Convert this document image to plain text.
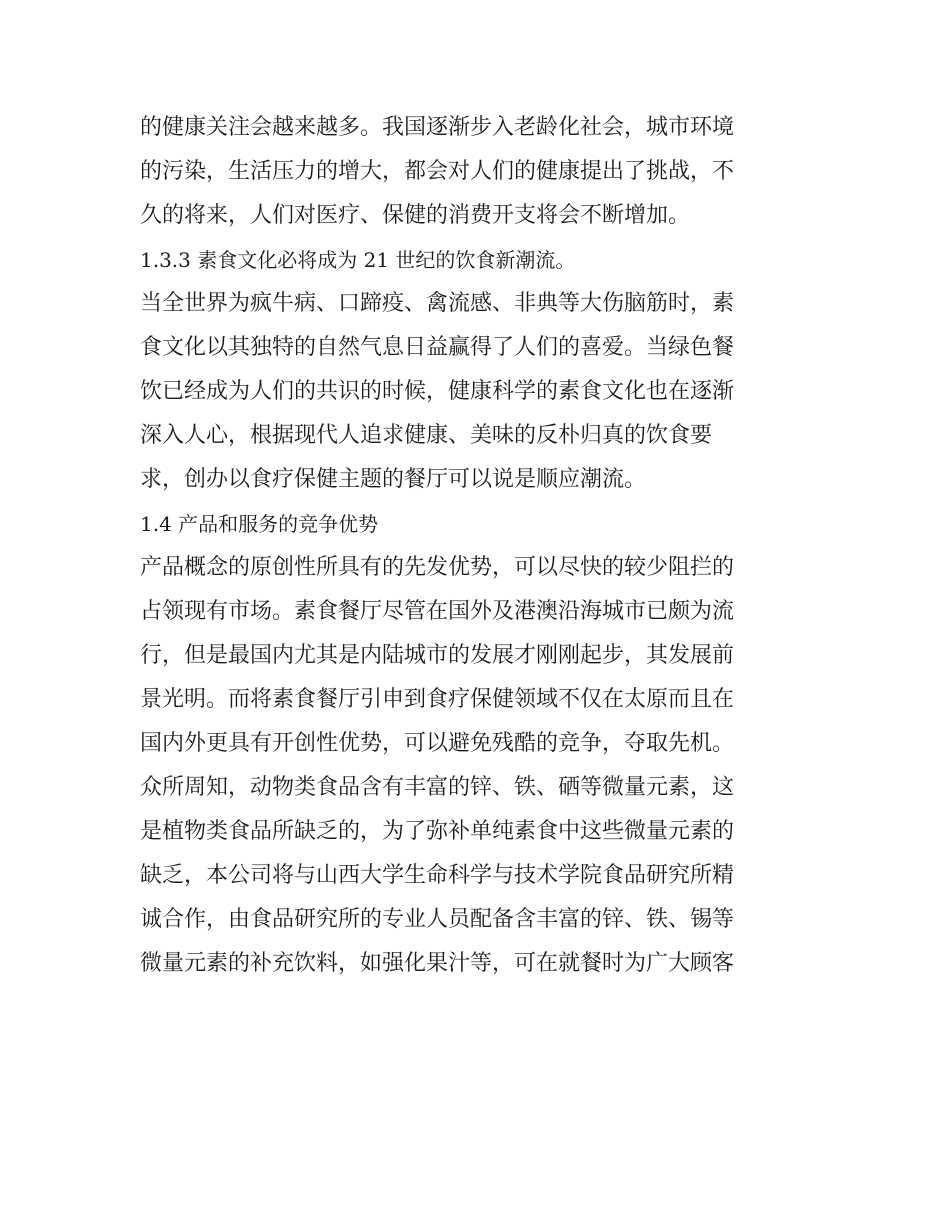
的健康关注会越来越多。我国逐渐步入老龄化社会，城市环境
的污染，生活压力的增大，都会对人们的健康提出了挑战，不
久的将来，人们对医疗、保健的消费开支将会不断增加。
1.3.3 素食文化必将成为 21 世纪的饮食新潮流。
当全世界为疯牛病、口蹄疫、禽流感、非典等大伤脑筋时，素
食文化以其独特的自然气息日益赢得了人们的喜爱。当绿色餐
饮已经成为人们的共识的时候，健康科学的素食文化也在逐渐
深入人心，根据现代人追求健康、美味的反朴归真的饮食要
求，创办以食疗保健主题的餐厅可以说是顺应潮流。
1.4 产品和服务的竞争优势
产品概念的原创性所具有的先发优势，可以尽快的较少阻拦的
占领现有市场。素食餐厅尽管在国外及港澳沿海城市已颇为流
行，但是最国内尤其是内陆城市的发展才刚刚起步，其发展前
景光明。而将素食餐厅引申到食疗保健领域不仅在太原而且在
国内外更具有开创性优势，可以避免残酷的竞争，夺取先机。
众所周知，动物类食品含有丰富的锌、铁、硒等微量元素，这
是植物类食品所缺乏的，为了弥补单纯素食中这些微量元素的
缺乏，本公司将与山西大学生命科学与技术学院食品研究所精
诚合作，由食品研究所的专业人员配备含丰富的锌、铁、锡等
微量元素的补充饮料，如强化果汁等，可在就餐时为广大顾客
